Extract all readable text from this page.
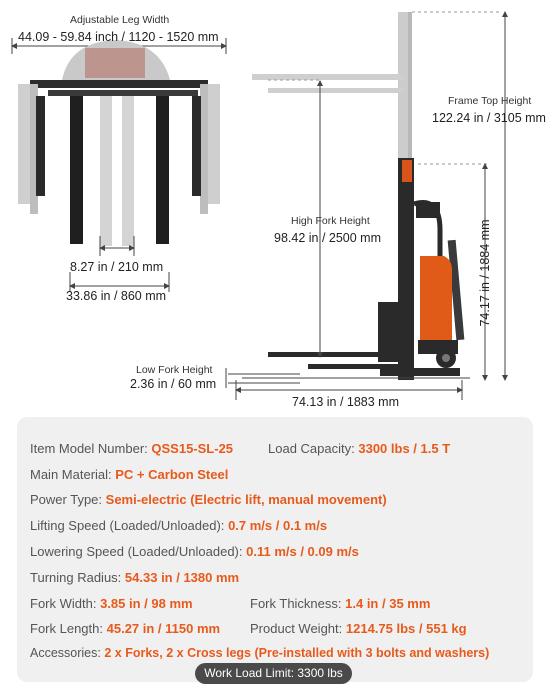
Adjustable Leg Width
44.09 - 59.84 inch / 1120 - 1520 mm
8.27 in / 210 mm
33.86 in / 860 mm
Frame Top Height
122.24 in / 3105 mm
High Fork Height
98.42 in / 2500 mm	74.17 in / 1884 mm
Low Fork Height
2.36 in / 60 mm
74.13 in / 1883 mm
Item Model Number: QSS15-SL-25	Load Capacity: 3300 lbs / 1.5 T
Main Material: PC + Carbon Steel
Power Type: Semi-electric (Electric lift, manual movement)
Lifting Speed (Loaded/Unloaded): 0.7 m/s / 0.1 m/s
Lowering Speed (Loaded/Unloaded): 0.11 m/s / 0.09 m/s
Turning Radius: 54.33 in / 1380 mm
Fork Width: 3.85 in / 98 mm	Fork Thickness: 1.4 in / 35 mm
Fork Length: 45.27 in / 1150 mm Product Weight: 1214.75 lbs / 551 kg
Accessories: 2 x Forks, 2 x Cross legs (Pre-installed with 3 bolts and washers)
Work Load Limit: 3300 lbs
